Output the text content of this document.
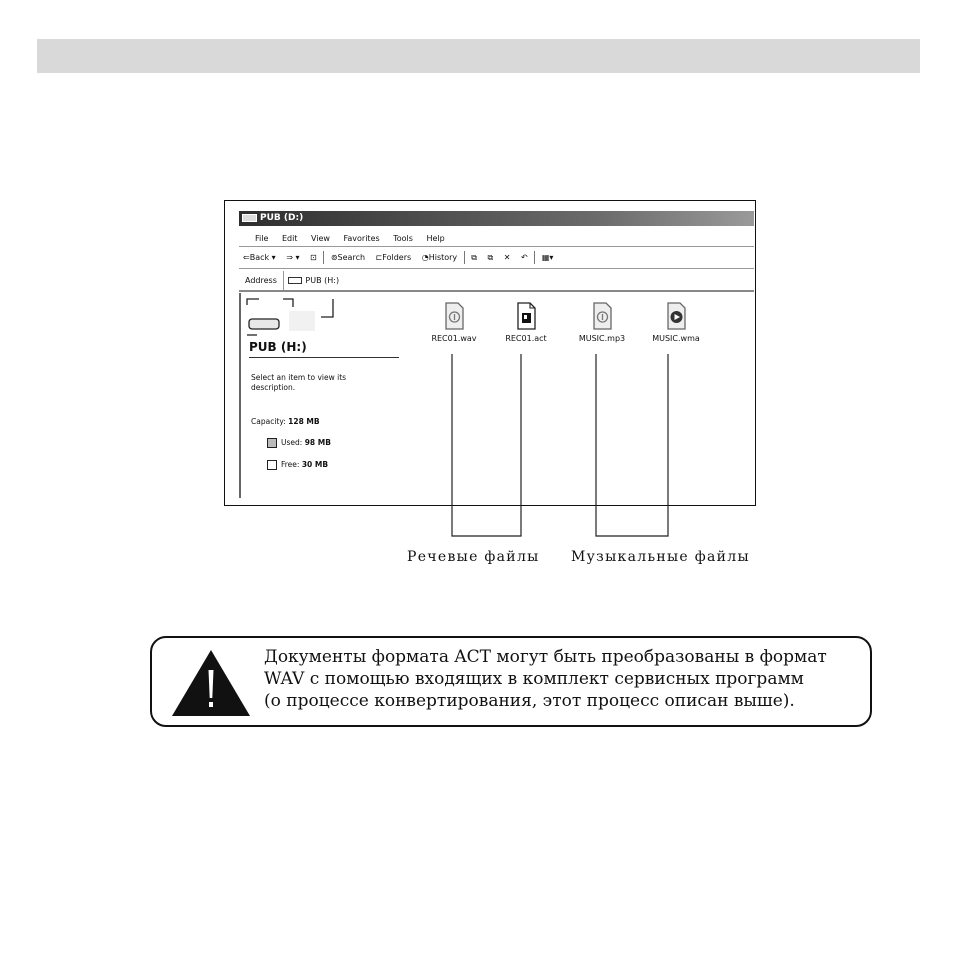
PUB (D:)
File Edit View Favorites Tools Help
⇐Back ▾ ⇒ ▾ ⊡ ⊚Search ⊏Folders ◔History ⧉ ⧉ ✕ ↶ ▦▾
Address	PUB (H:)
PUB (H:)
Select an item to view its description.
Capacity: 128 MB
Used: 98 MB
Free: 30 MB
REC01.wav	REC01.act	MUSIC.mp3	MUSIC.wma
Речевые файлы Музыкальные файлы
Документы формата ACT могут быть преобразованы в формат
WAV с помощью входящих в комплект сервисных программ
(о процессе конвертирования, этот процесс описан выше).
